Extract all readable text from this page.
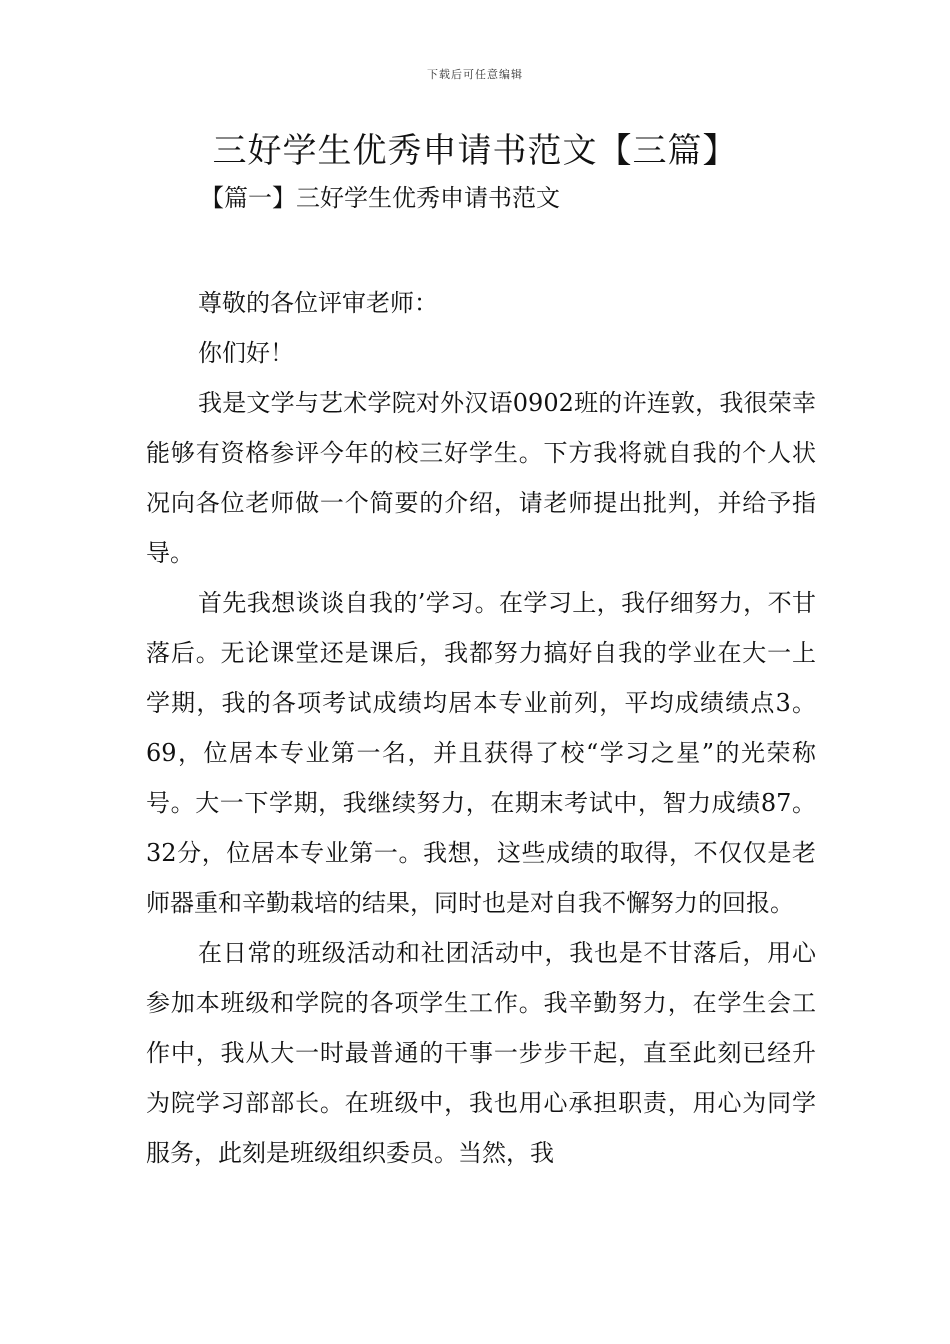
下载后可任意编辑
三好学生优秀申请书范文【三篇】
【篇一】三好学生优秀申请书范文

尊敬的各位评审老师：

你们好！

我是文学与艺术学院对外汉语0902班的许连敦，我很荣幸能够有资格参评今年的校三好学生。下方我将就自我的个人状况向各位老师做一个简要的介绍，请老师提出批判，并给予指导。

首先我想谈谈自我的’学习。在学习上，我仔细努力，不甘落后。无论课堂还是课后，我都努力搞好自我的学业在大一上学期，我的各项考试成绩均居本专业前列，平均成绩绩点3。69，位居本专业第一名，并且获得了校“学习之星”的光荣称号。大一下学期，我继续努力，在期末考试中，智力成绩87。32分，位居本专业第一。我想，这些成绩的取得，不仅仅是老师器重和辛勤栽培的结果，同时也是对自我不懈努力的回报。

在日常的班级活动和社团活动中，我也是不甘落后，用心参加本班级和学院的各项学生工作。我辛勤努力，在学生会工作中，我从大一时最普通的干事一步步干起，直至此刻已经升为院学习部部长。在班级中，我也用心承担职责，用心为同学服务，此刻是班级组织委员。当然，我
